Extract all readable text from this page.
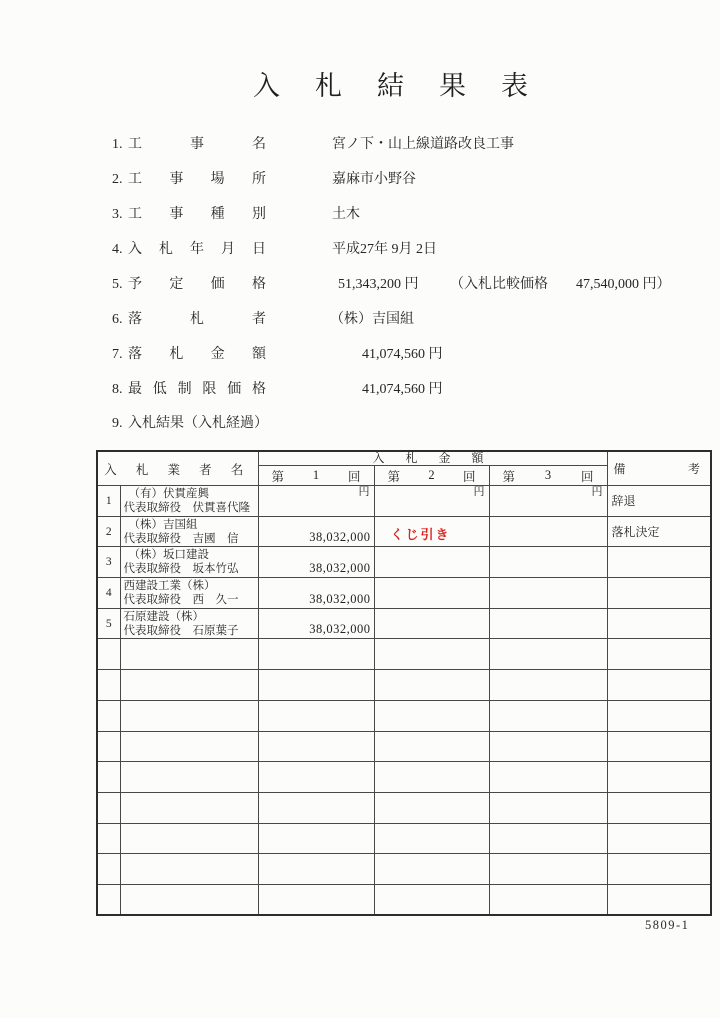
入札結果表
1. 工 事 名	宮ノ下・山上線道路改良工事
2. 工 事 場 所	嘉麻市小野谷
3. 工 事 種 別	土木
4. 入 札 年 月 日	平成27年 9月 2日
5. 予 定 価 格	51,343,200 円 （入札比較価格　　47,540,000 円）
6. 落 札 者	（株）吉国組
7. 落 札 金 額	41,074,560 円
8. 最 低 制 限 価 格	41,074,560 円
9. 入札結果（入札経過）
入 札 業 者 名		入 札 金 額			備 考

		第 1 回	第 2 回	第 3 回	

1	（有）伏貫産興
代表取締役　伏貫喜代隆	円	円	円	辞退

2	（株）吉国組
代表取締役　吉國　信	38,032,000	くじ引き		落札決定

3	（株）坂口建設
代表取締役　坂本竹弘	38,032,000			

4	西建設工業（株）
代表取締役　西　久一	38,032,000			

5	石原建設（株）
代表取締役　石原葉子	38,032,000			

5809-1
